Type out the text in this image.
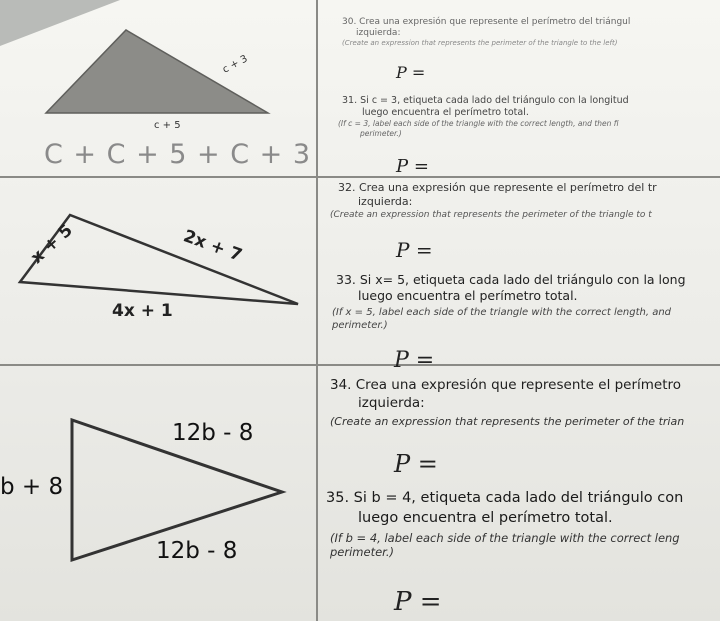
c + 3
c + 5
C + C + 5 + C + 3
x + 5	2x + 7
4x + 1
12b - 8
b + 8
12b - 8
30. Crea una expresión que represente el perímetro del triángul
izquierda:
(Create an expression that represents the perimeter of the triangle to the left)
P =
31. Si c = 3, etiqueta cada lado del triángulo con la longitud
luego encuentra el perímetro total.
(If c = 3, label each side of the triangle with the correct length, and then fi
perimeter.)
P =
32. Crea una expresión que represente el perímetro del tr
izquierda:
(Create an expression that represents the perimeter of the triangle to t
P =
33. Si x= 5, etiqueta cada lado del triángulo con la long
luego encuentra el perímetro total.
(If x = 5, label each side of the triangle with the correct length, and
perimeter.)
P =
34. Crea una expresión que represente el perímetro
izquierda:
(Create an expression that represents the perimeter of the trian
P =
35. Si b = 4, etiqueta cada lado del triángulo con
luego encuentra el perímetro total.
(If b = 4, label each side of the triangle with the correct leng
perimeter.)
P =
